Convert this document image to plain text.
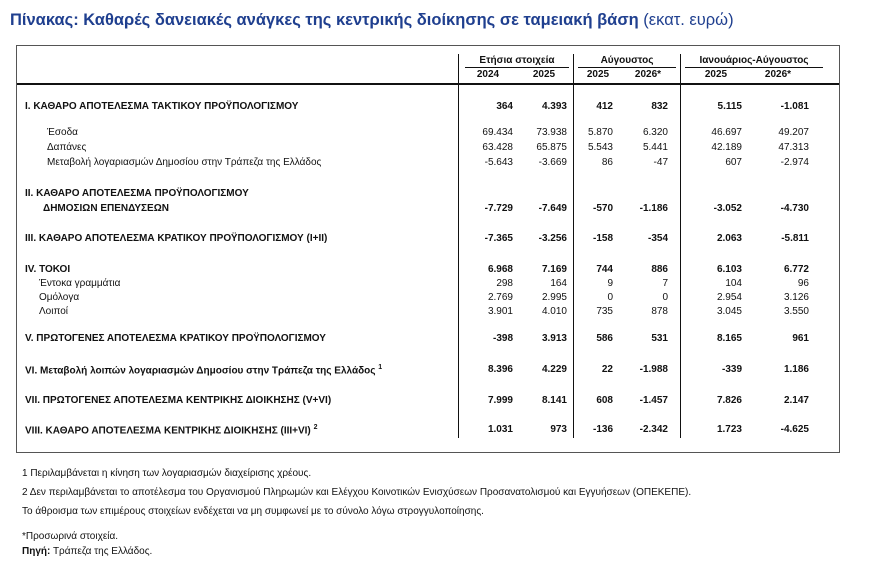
Πίνακας: Καθαρές δανειακές ανάγκες της κεντρικής διοίκησης σε ταμειακή βάση (εκατ. ευρώ)
Ετήσια στοιχεία	Αύγουστος	Ιανουάριος-Αύγουστος
2024	2025	2025	2026*	2025	2026*
I. ΚΑΘΑΡΟ ΑΠΟΤΕΛΕΣΜΑ ΤΑΚΤΙΚΟΥ ΠΡΟΫΠΟΛΟΓΙΣΜΟΥ	364	4.393	412	832	5.115	-1.081
Έσοδα	69.434	73.938	5.870	6.320	46.697	49.207
Δαπάνες	63.428	65.875	5.543	5.441	42.189	47.313
Μεταβολή λογαριασμών Δημοσίου στην Τράπεζα της Ελλάδος	-5.643	-3.669	86	-47	607	-2.974
II. ΚΑΘΑΡΟ ΑΠΟΤΕΛΕΣΜΑ ΠΡΟΫΠΟΛΟΓΙΣΜΟΥ
ΔΗΜΟΣΙΩΝ ΕΠΕΝΔΥΣΕΩΝ	-7.729	-7.649	-570	-1.186	-3.052	-4.730
III. ΚΑΘΑΡΟ ΑΠΟΤΕΛΕΣΜΑ ΚΡΑΤΙΚΟΥ ΠΡΟΫΠΟΛΟΓΙΣΜΟΥ (I+II)	-7.365	-3.256	-158	-354	2.063	-5.811
IV. ΤΟΚΟΙ	6.968	7.169	744	886	6.103	6.772
Έντοκα γραμμάτια	298	164	9	7	104	96
Ομόλογα	2.769	2.995	0	0	2.954	3.126
Λοιποί	3.901	4.010	735	878	3.045	3.550
V. ΠΡΩΤΟΓΕΝΕΣ ΑΠΟΤΕΛΕΣΜΑ ΚΡΑΤΙΚΟΥ ΠΡΟΫΠΟΛΟΓΙΣΜΟΥ	-398	3.913	586	531	8.165	961
VI. Μεταβολή λοιπών λογαριασμών Δημοσίου στην Τράπεζα της Ελλάδος $^1$	8.396	4.229	22	-1.988	-339	1.186
VII. ΠΡΩΤΟΓΕΝΕΣ ΑΠΟΤΕΛΕΣΜΑ ΚΕΝΤΡΙΚΗΣ ΔΙΟΙΚΗΣΗΣ (V+VI)	7.999	8.141	608	-1.457	7.826	2.147
VIII. ΚΑΘΑΡΟ ΑΠΟΤΕΛΕΣΜΑ ΚΕΝΤΡΙΚΗΣ ΔΙΟΙΚΗΣΗΣ (III+VI) $^2$	1.031	973	-136	-2.342	1.723	-4.625
1 Περιλαμβάνεται η κίνηση των λογαριασμών διαχείρισης χρέους.
2 Δεν περιλαμβάνεται το αποτέλεσμα του Οργανισμού Πληρωμών και Ελέγχου Κοινοτικών Ενισχύσεων Προσανατολισμού και Εγγυήσεων (ΟΠΕΚΕΠΕ).
Το άθροισμα των επιμέρους στοιχείων ενδέχεται να μη συμφωνεί με το σύνολο λόγω στρογγυλοποίησης.
*Προσωρινά στοιχεία.
Πηγή: Τράπεζα της Ελλάδος.
